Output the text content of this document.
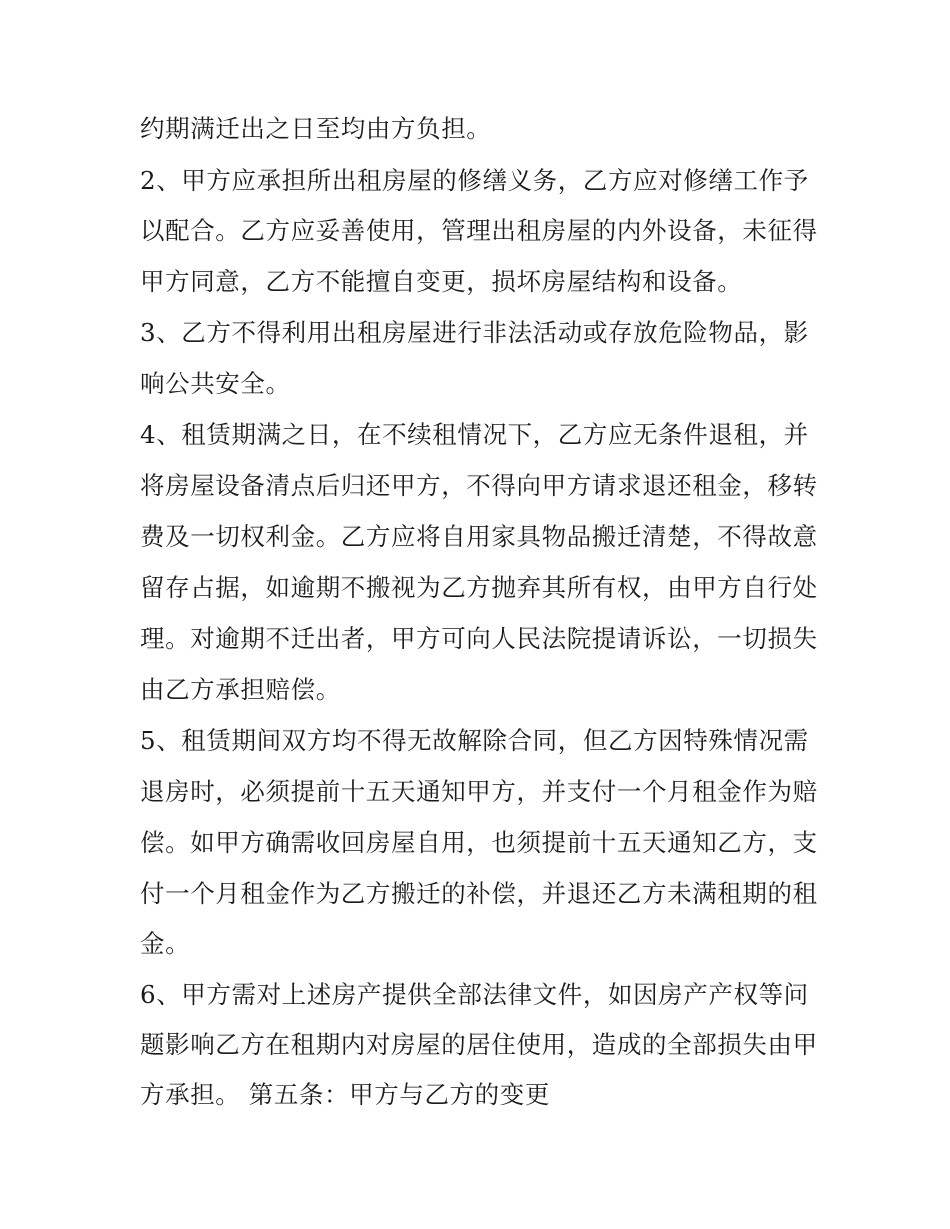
约期满迁出之日至均由方负担。

2、甲方应承担所出租房屋的修缮义务，乙方应对修缮工作予

以配合。乙方应妥善使用，管理出租房屋的内外设备，未征得

甲方同意，乙方不能擅自变更，损坏房屋结构和设备。

3、乙方不得利用出租房屋进行非法活动或存放危险物品，影

响公共安全。

4、租赁期满之日，在不续租情况下，乙方应无条件退租，并

将房屋设备清点后归还甲方，不得向甲方请求退还租金，移转

费及一切权利金。乙方应将自用家具物品搬迁清楚，不得故意

留存占据，如逾期不搬视为乙方抛弃其所有权，由甲方自行处

理。对逾期不迁出者，甲方可向人民法院提请诉讼，一切损失

由乙方承担赔偿。

5、租赁期间双方均不得无故解除合同，但乙方因特殊情况需

退房时，必须提前十五天通知甲方，并支付一个月租金作为赔

偿。如甲方确需收回房屋自用，也须提前十五天通知乙方，支

付一个月租金作为乙方搬迁的补偿，并退还乙方未满租期的租

金。

6、甲方需对上述房产提供全部法律文件，如因房产产权等问

题影响乙方在租期内对房屋的居住使用，造成的全部损失由甲

方承担。 第五条：甲方与乙方的变更
